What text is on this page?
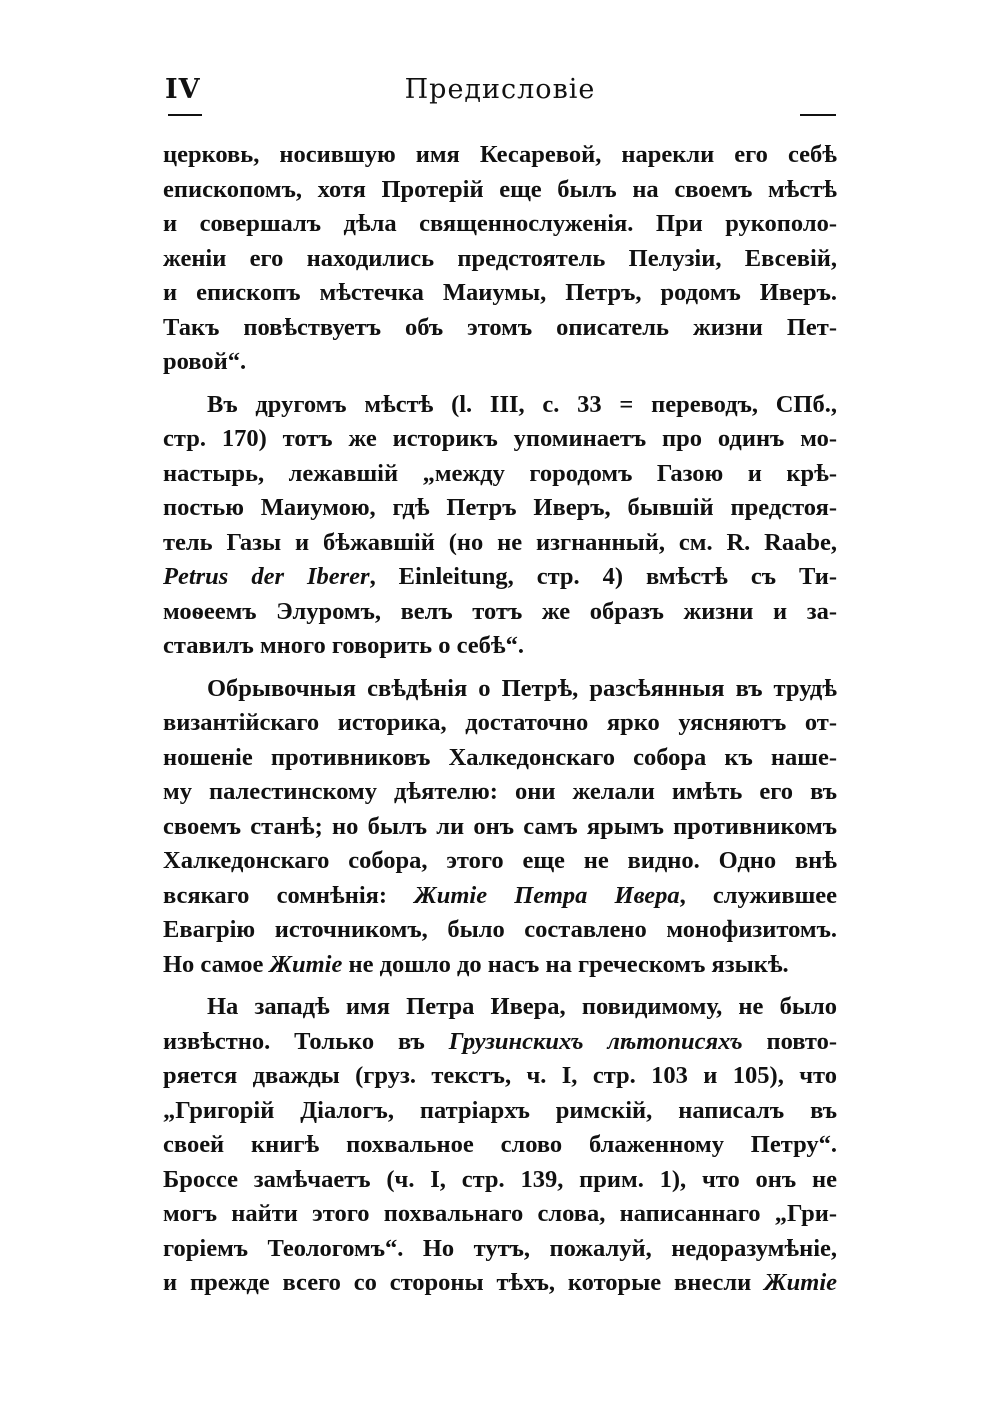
IV	Предисловіе
церковь, носившую имя Кесаревой, нарекли его себѣ
епископомъ, хотя Протерій еще былъ на своемъ мѣстѣ
и совершалъ дѣла священнослуженія. При рукополо-
женіи его находились предстоятель Пелузіи, Евсевій,
и епископъ мѣстечка Маиумы, Петръ, родомъ Иверъ.
Такъ повѣствуетъ объ этомъ описатель жизни Пет-
ровой“.
Въ другомъ мѣстѣ (l. III, c. 33 = переводъ, СПб.,
стр. 170) тотъ же историкъ упоминаетъ про одинъ мо-
настырь, лежавшій „между городомъ Газою и крѣ-
постью Маиумою, гдѣ Петръ Иверъ, бывшій предстоя-
тель Газы и бѣжавшій (но не изгнанный, см. R. Raabe,
Petrus der Iberer, Einleitung, стр. 4) вмѣстѣ съ Ти-
моѳеемъ Элуромъ, велъ тотъ же образъ жизни и за-
ставилъ много говорить о себѣ“.
Обрывочныя свѣдѣнія о Петрѣ, разсѣянныя въ трудѣ
византійскаго историка, достаточно ярко уясняютъ от-
ношеніе противниковъ Халкедонскаго собора къ наше-
му палестинскому дѣятелю: они желали имѣть его въ
своемъ станѣ; но былъ ли онъ самъ ярымъ противникомъ
Халкедонскаго собора, этого еще не видно. Одно внѣ
всякаго сомнѣнія: Житіе Петра Ивера, служившее
Евагрію источникомъ, было составлено монофизитомъ.
Но самое Житіе не дошло до насъ на греческомъ языкѣ.
На западѣ имя Петра Ивера, повидимому, не было
извѣстно. Только въ Грузинскихъ лѣтописяхъ повто-
ряется дважды (груз. текстъ, ч. I, стр. 103 и 105), что
„Григорій Діалогъ, патріархъ римскій, написалъ въ
своей книгѣ похвальное слово блаженному Петру“.
Броссе замѣчаетъ (ч. I, стр. 139, прим. 1), что онъ не
могъ найти этого похвальнаго слова, написаннаго „Гри-
горіемъ Теологомъ“. Но тутъ, пожалуй, недоразумѣніе,
и прежде всего со стороны тѣхъ, которые внесли Житіе
